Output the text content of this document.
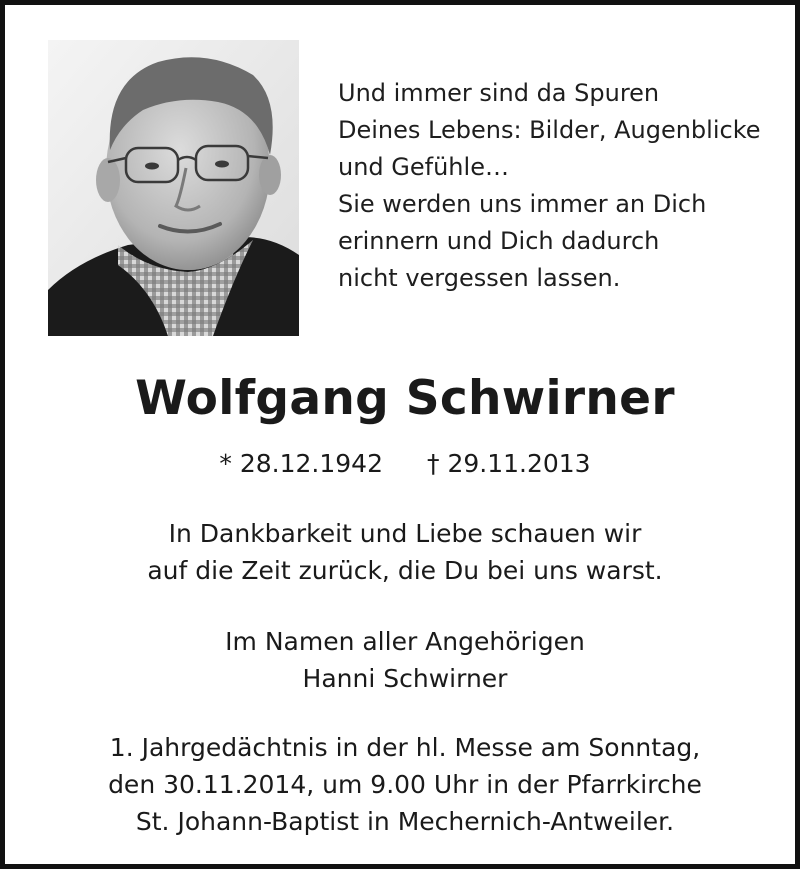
Und immer sind da Spuren
Deines Lebens: Bilder, Augenblicke
und Gefühle…
Sie werden uns immer an Dich
erinnern und Dich dadurch
nicht vergessen lassen.
Wolfgang Schwirner
* 28.12.1942 † 29.11.2013
In Dankbarkeit und Liebe schauen wir
auf die Zeit zurück, die Du bei uns warst.
Im Namen aller Angehörigen
Hanni Schwirner
1. Jahrgedächtnis in der hl. Messe am Sonntag,
den 30.11.2014, um 9.00 Uhr in der Pfarrkirche
St. Johann-Baptist in Mechernich-Antweiler.
